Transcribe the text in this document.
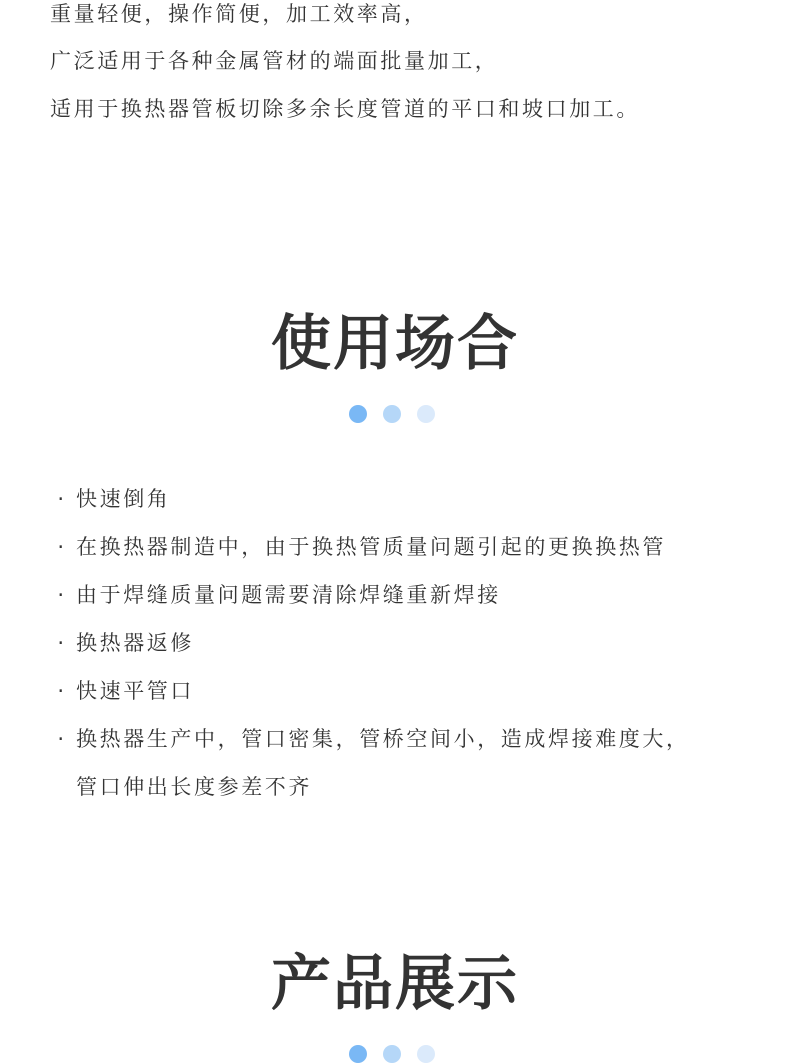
重量轻便，操作简便，加工效率高，
广泛适用于各种金属管材的端面批量加工，
适用于换热器管板切除多余长度管道的平口和坡口加工。
使用场合
· 快速倒角
· 在换热器制造中，由于换热管质量问题引起的更换换热管
· 由于焊缝质量问题需要清除焊缝重新焊接
· 换热器返修
· 快速平管口
· 换热器生产中，管口密集，管桥空间小，造成焊接难度大，
管口伸出长度参差不齐
产品展示
